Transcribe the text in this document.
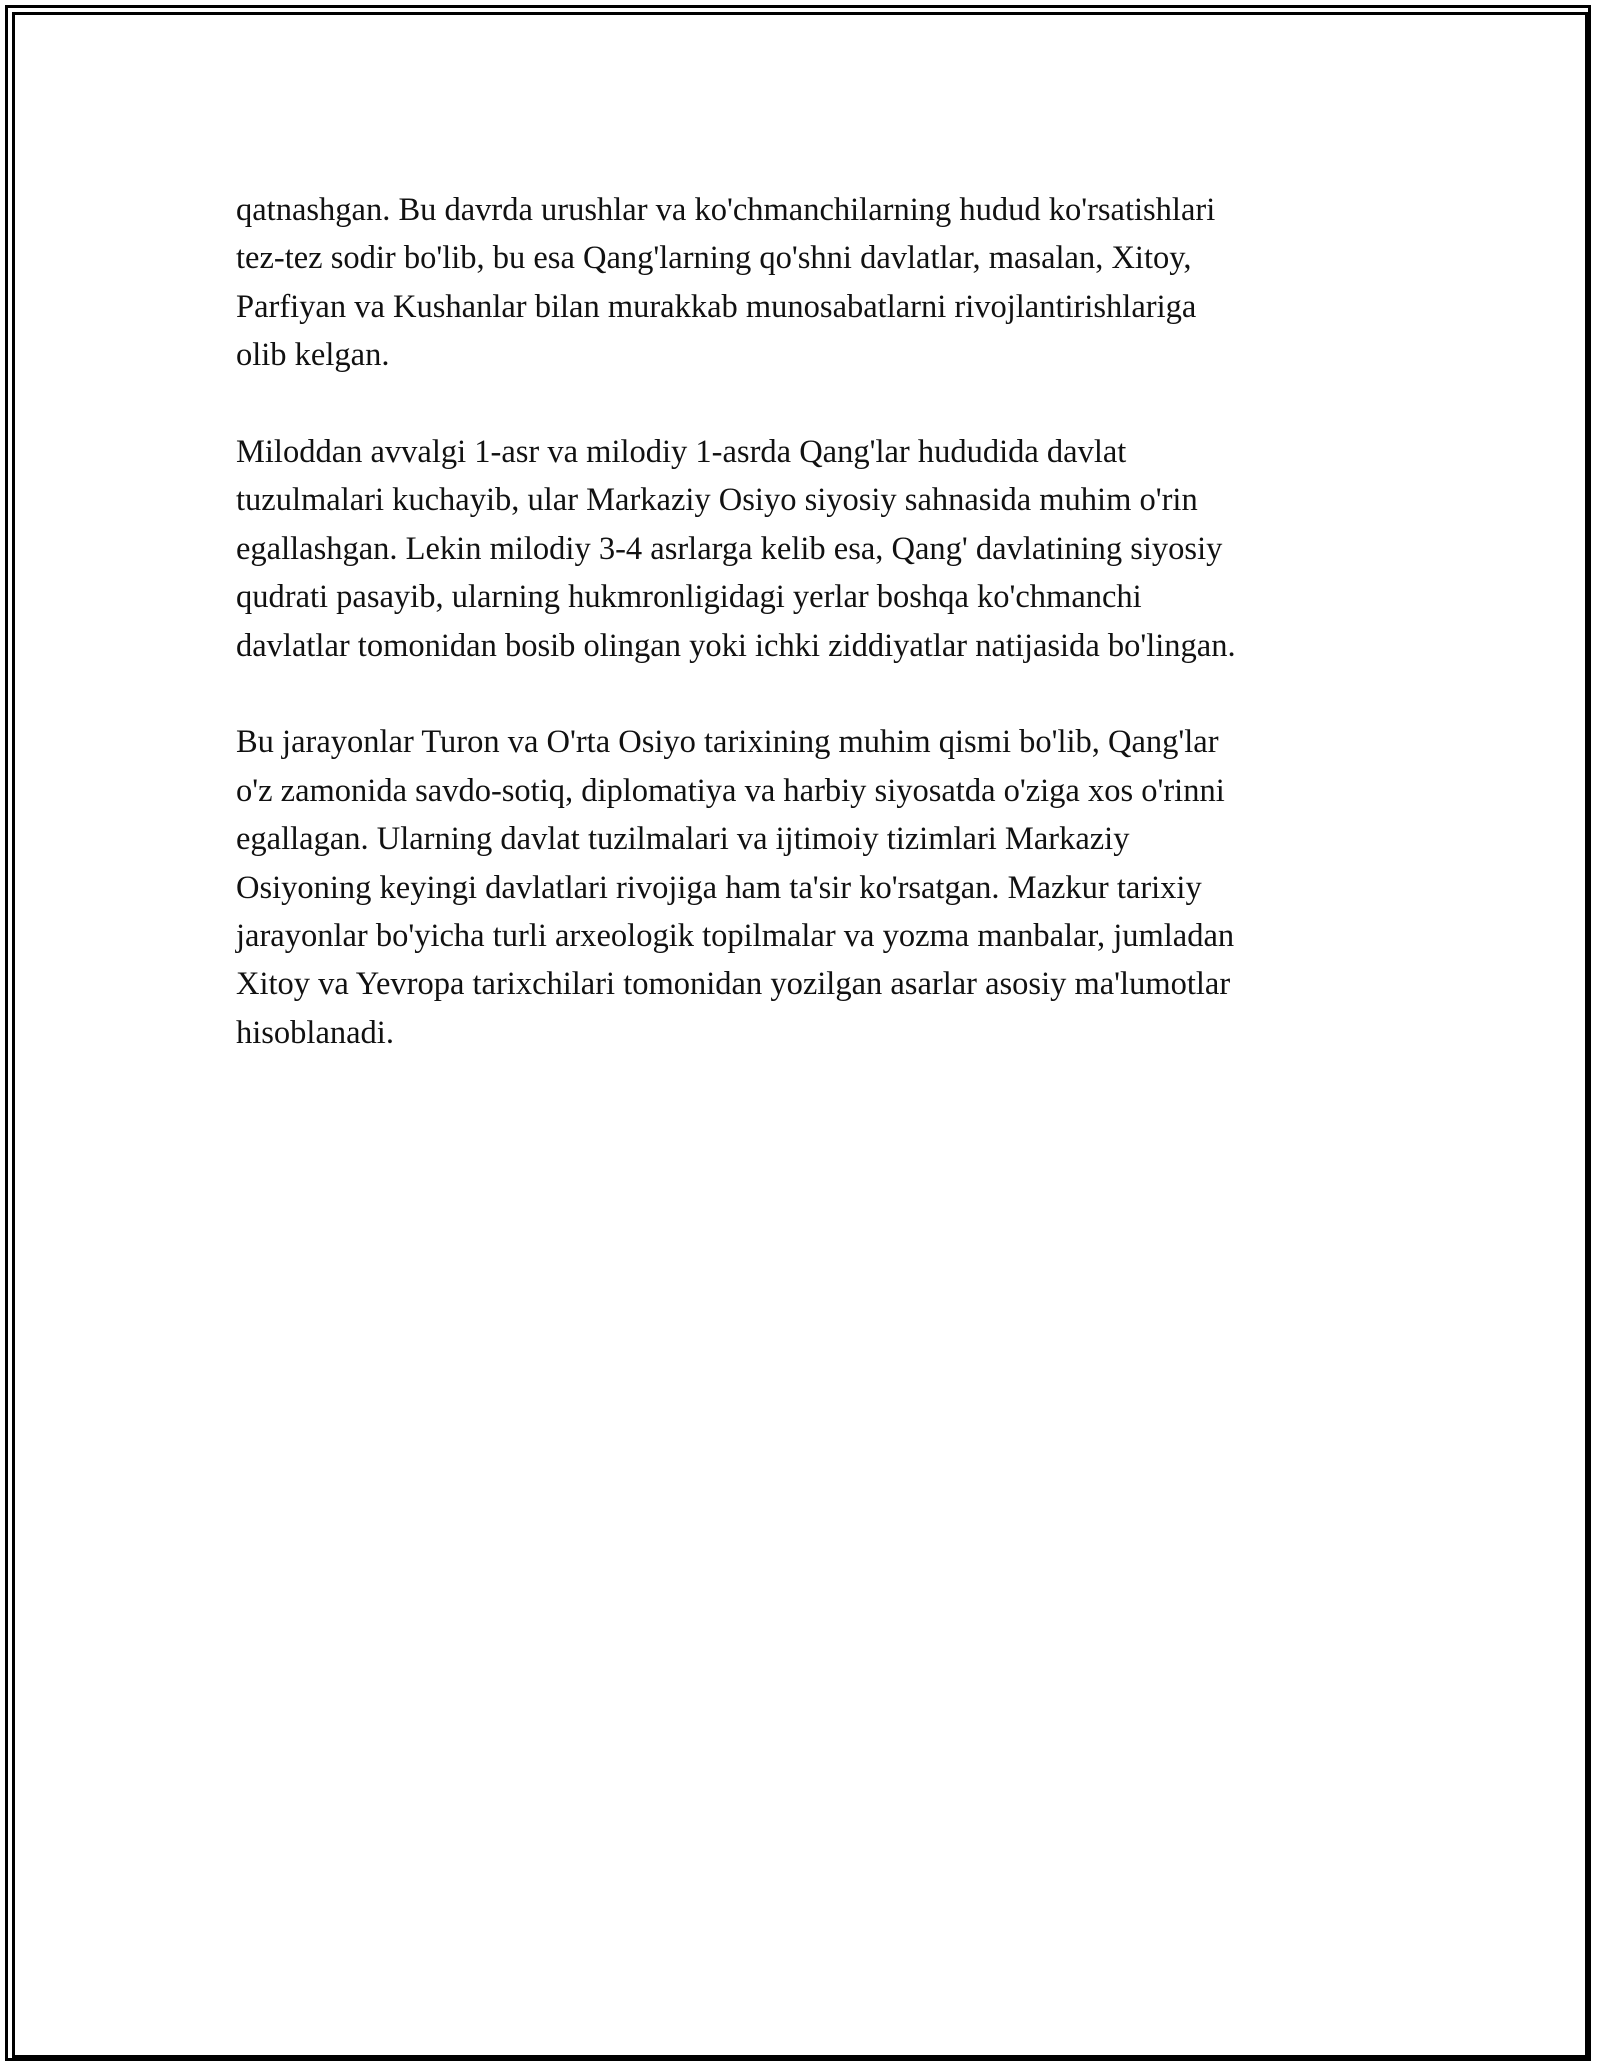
qatnashgan. Bu davrda urushlar va ko'chmanchilarning hudud ko'rsatishlari
tez-tez sodir bo'lib, bu esa Qang'larning qo'shni davlatlar, masalan, Xitoy,
Parfiyan va Kushanlar bilan murakkab munosabatlarni rivojlantirishlariga
olib kelgan.

Miloddan avvalgi 1-asr va milodiy 1-asrda Qang'lar hududida davlat
tuzulmalari kuchayib, ular Markaziy Osiyo siyosiy sahnasida muhim o'rin
egallashgan. Lekin milodiy 3-4 asrlarga kelib esa, Qang' davlatining siyosiy
qudrati pasayib, ularning hukmronligidagi yerlar boshqa ko'chmanchi
davlatlar tomonidan bosib olingan yoki ichki ziddiyatlar natijasida bo'lingan.

Bu jarayonlar Turon va O'rta Osiyo tarixining muhim qismi bo'lib, Qang'lar
o'z zamonida savdo-sotiq, diplomatiya va harbiy siyosatda o'ziga xos o'rinni
egallagan. Ularning davlat tuzilmalari va ijtimoiy tizimlari Markaziy
Osiyoning keyingi davlatlari rivojiga ham ta'sir ko'rsatgan. Mazkur tarixiy
jarayonlar bo'yicha turli arxeologik topilmalar va yozma manbalar, jumladan
Xitoy va Yevropa tarixchilari tomonidan yozilgan asarlar asosiy ma'lumotlar
hisoblanadi.
